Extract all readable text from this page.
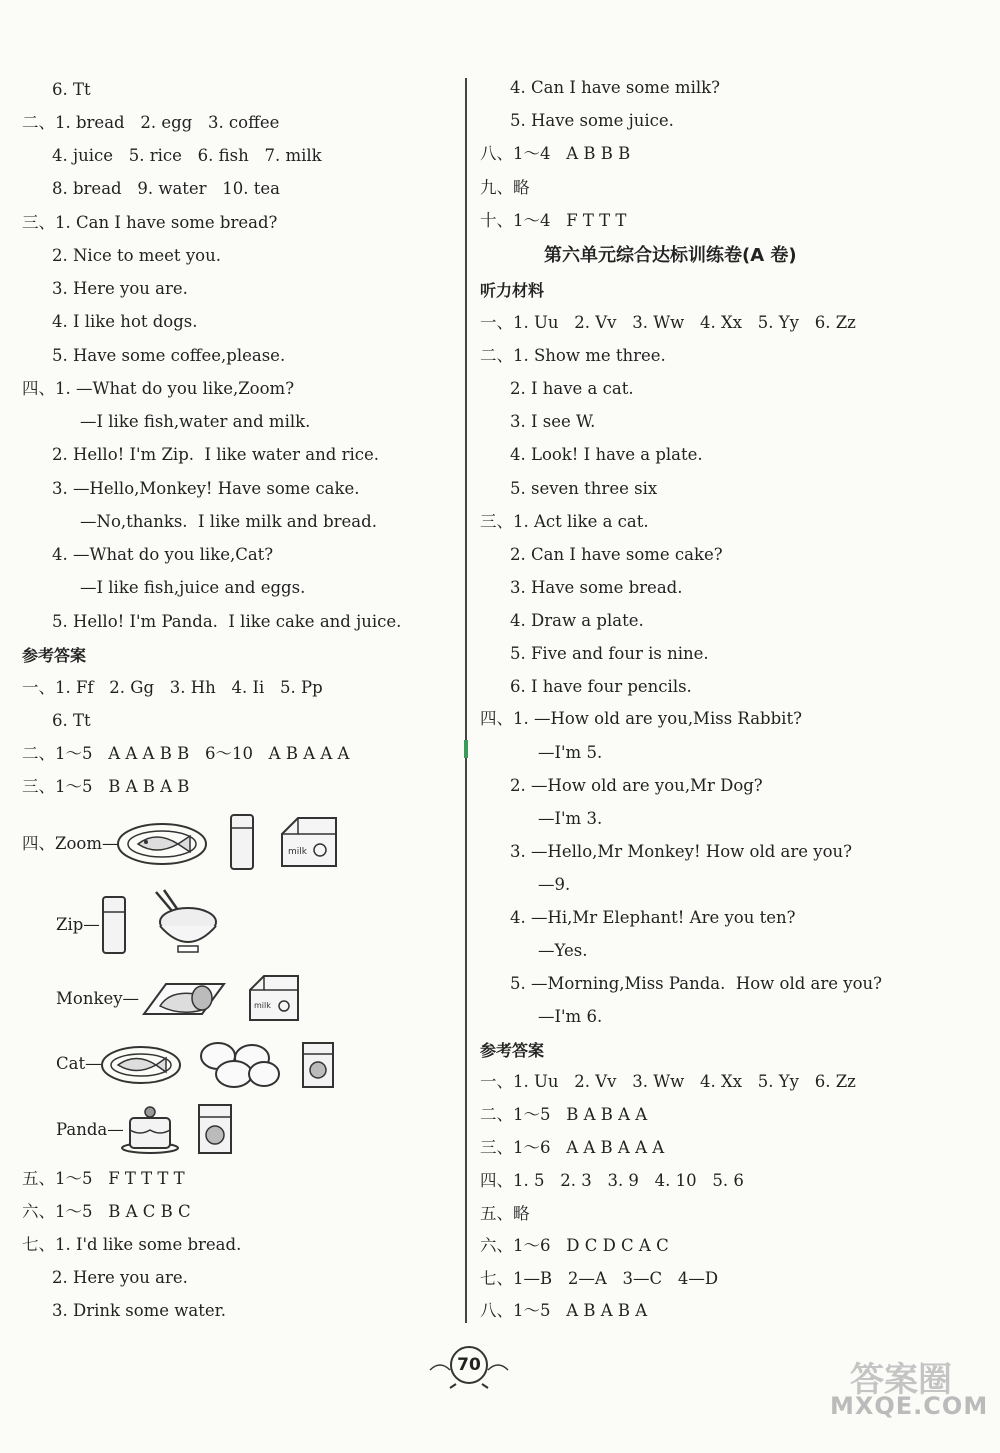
6. Tt
二、1. bread   2. egg   3. coffee
4. juice   5. rice   6. fish   7. milk
8. bread   9. water   10. tea
三、1. Can I have some bread?
2. Nice to meet you.
3. Here you are.
4. I like hot dogs.
5. Have some coffee,please.
四、1. —What do you like,Zoom?
—I like fish,water and milk.
2. Hello! I'm Zip.  I like water and rice.
3. —Hello,Monkey! Have some cake.
—No,thanks.  I like milk and bread.
4. —What do you like,Cat?
—I like fish,juice and eggs.
5. Hello! I'm Panda.  I like cake and juice.
参考答案
一、1. Ff   2. Gg   3. Hh   4. Ii   5. Pp
6. Tt
二、1～5   A A A B B   6～10   A B A A A
三、1～5   B A B A B
四、Zoom—
Zip—
Monkey—
Cat—
Panda—
milk
milk
五、1～5   F T T T T
六、1～5   B A C B C
七、1. I'd like some bread.
2. Here you are.
3. Drink some water.
4. Can I have some milk?
5. Have some juice.
八、1～4   A B B B
九、略
十、1～4   F T T T
第六单元综合达标训练卷(A 卷)
听力材料
一、1. Uu   2. Vv   3. Ww   4. Xx   5. Yy   6. Zz
二、1. Show me three.
2. I have a cat.
3. I see W.
4. Look! I have a plate.
5. seven three six
三、1. Act like a cat.
2. Can I have some cake?
3. Have some bread.
4. Draw a plate.
5. Five and four is nine.
6. I have four pencils.
四、1. —How old are you,Miss Rabbit?
—I'm 5.
2. —How old are you,Mr Dog?
—I'm 3.
3. —Hello,Mr Monkey! How old are you?
—9.
4. —Hi,Mr Elephant! Are you ten?
—Yes.
5. —Morning,Miss Panda.  How old are you?
—I'm 6.
参考答案
一、1. Uu   2. Vv   3. Ww   4. Xx   5. Yy   6. Zz
二、1～5   B A B A A
三、1～6   A A B A A A
四、1. 5   2. 3   3. 9   4. 10   5. 6
五、略
六、1～6   D C D C A C
七、1—B   2—A   3—C   4—D
八、1～5   A B A B A
70	答案圈
MXQE.COM
